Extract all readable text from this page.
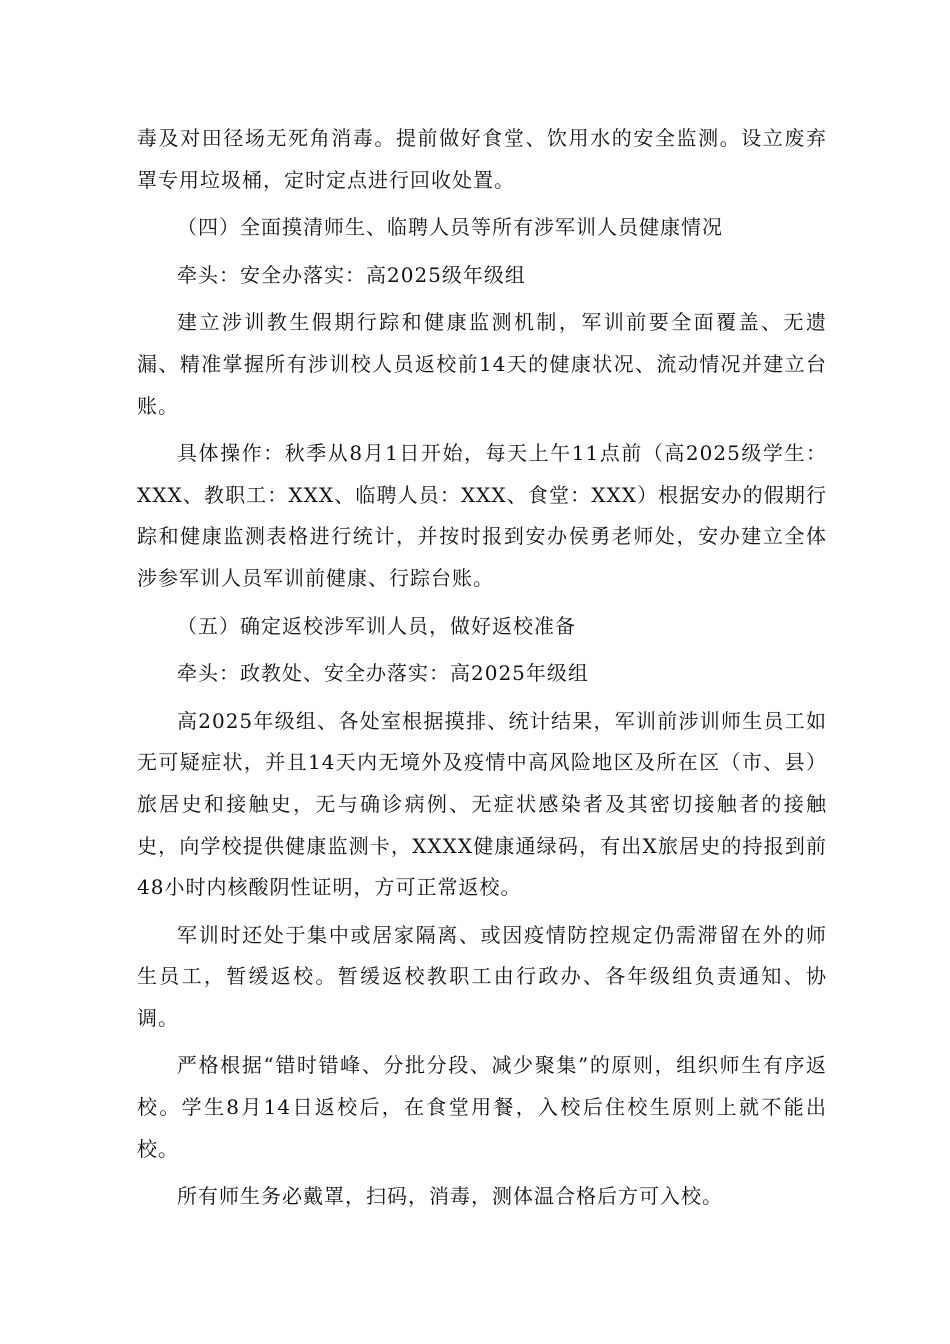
毒及对田径场无死角消毒。提前做好食堂、饮用水的安全监测。设立废弃罩专用垃圾桶，定时定点进行回收处置。

（四）全面摸清师生、临聘人员等所有涉军训人员健康情况

牵头：安全办落实：高2025级年级组

建立涉训教生假期行踪和健康监测机制，军训前要全面覆盖、无遗漏、精准掌握所有涉训校人员返校前14天的健康状况、流动情况并建立台账。

具体操作：秋季从8月1日开始，每天上午11点前（高2025级学生：XXX、教职工：XXX、临聘人员：XXX、食堂：XXX）根据安办的假期行踪和健康监测表格进行统计，并按时报到安办侯勇老师处，安办建立全体涉参军训人员军训前健康、行踪台账。

（五）确定返校涉军训人员，做好返校准备

牵头：政教处、安全办落实：高2025年级组

高2025年级组、各处室根据摸排、统计结果，军训前涉训师生员工如无可疑症状，并且14天内无境外及疫情中高风险地区及所在区（市、县）旅居史和接触史，无与确诊病例、无症状感染者及其密切接触者的接触史，向学校提供健康监测卡，XXXX健康通绿码，有出X旅居史的持报到前48小时内核酸阴性证明，方可正常返校。

军训时还处于集中或居家隔离、或因疫情防控规定仍需滞留在外的师生员工，暂缓返校。暂缓返校教职工由行政办、各年级组负责通知、协调。

严格根据“错时错峰、分批分段、减少聚集”的原则，组织师生有序返校。学生8月14日返校后，在食堂用餐，入校后住校生原则上就不能出校。

所有师生务必戴罩，扫码，消毒，测体温合格后方可入校。
